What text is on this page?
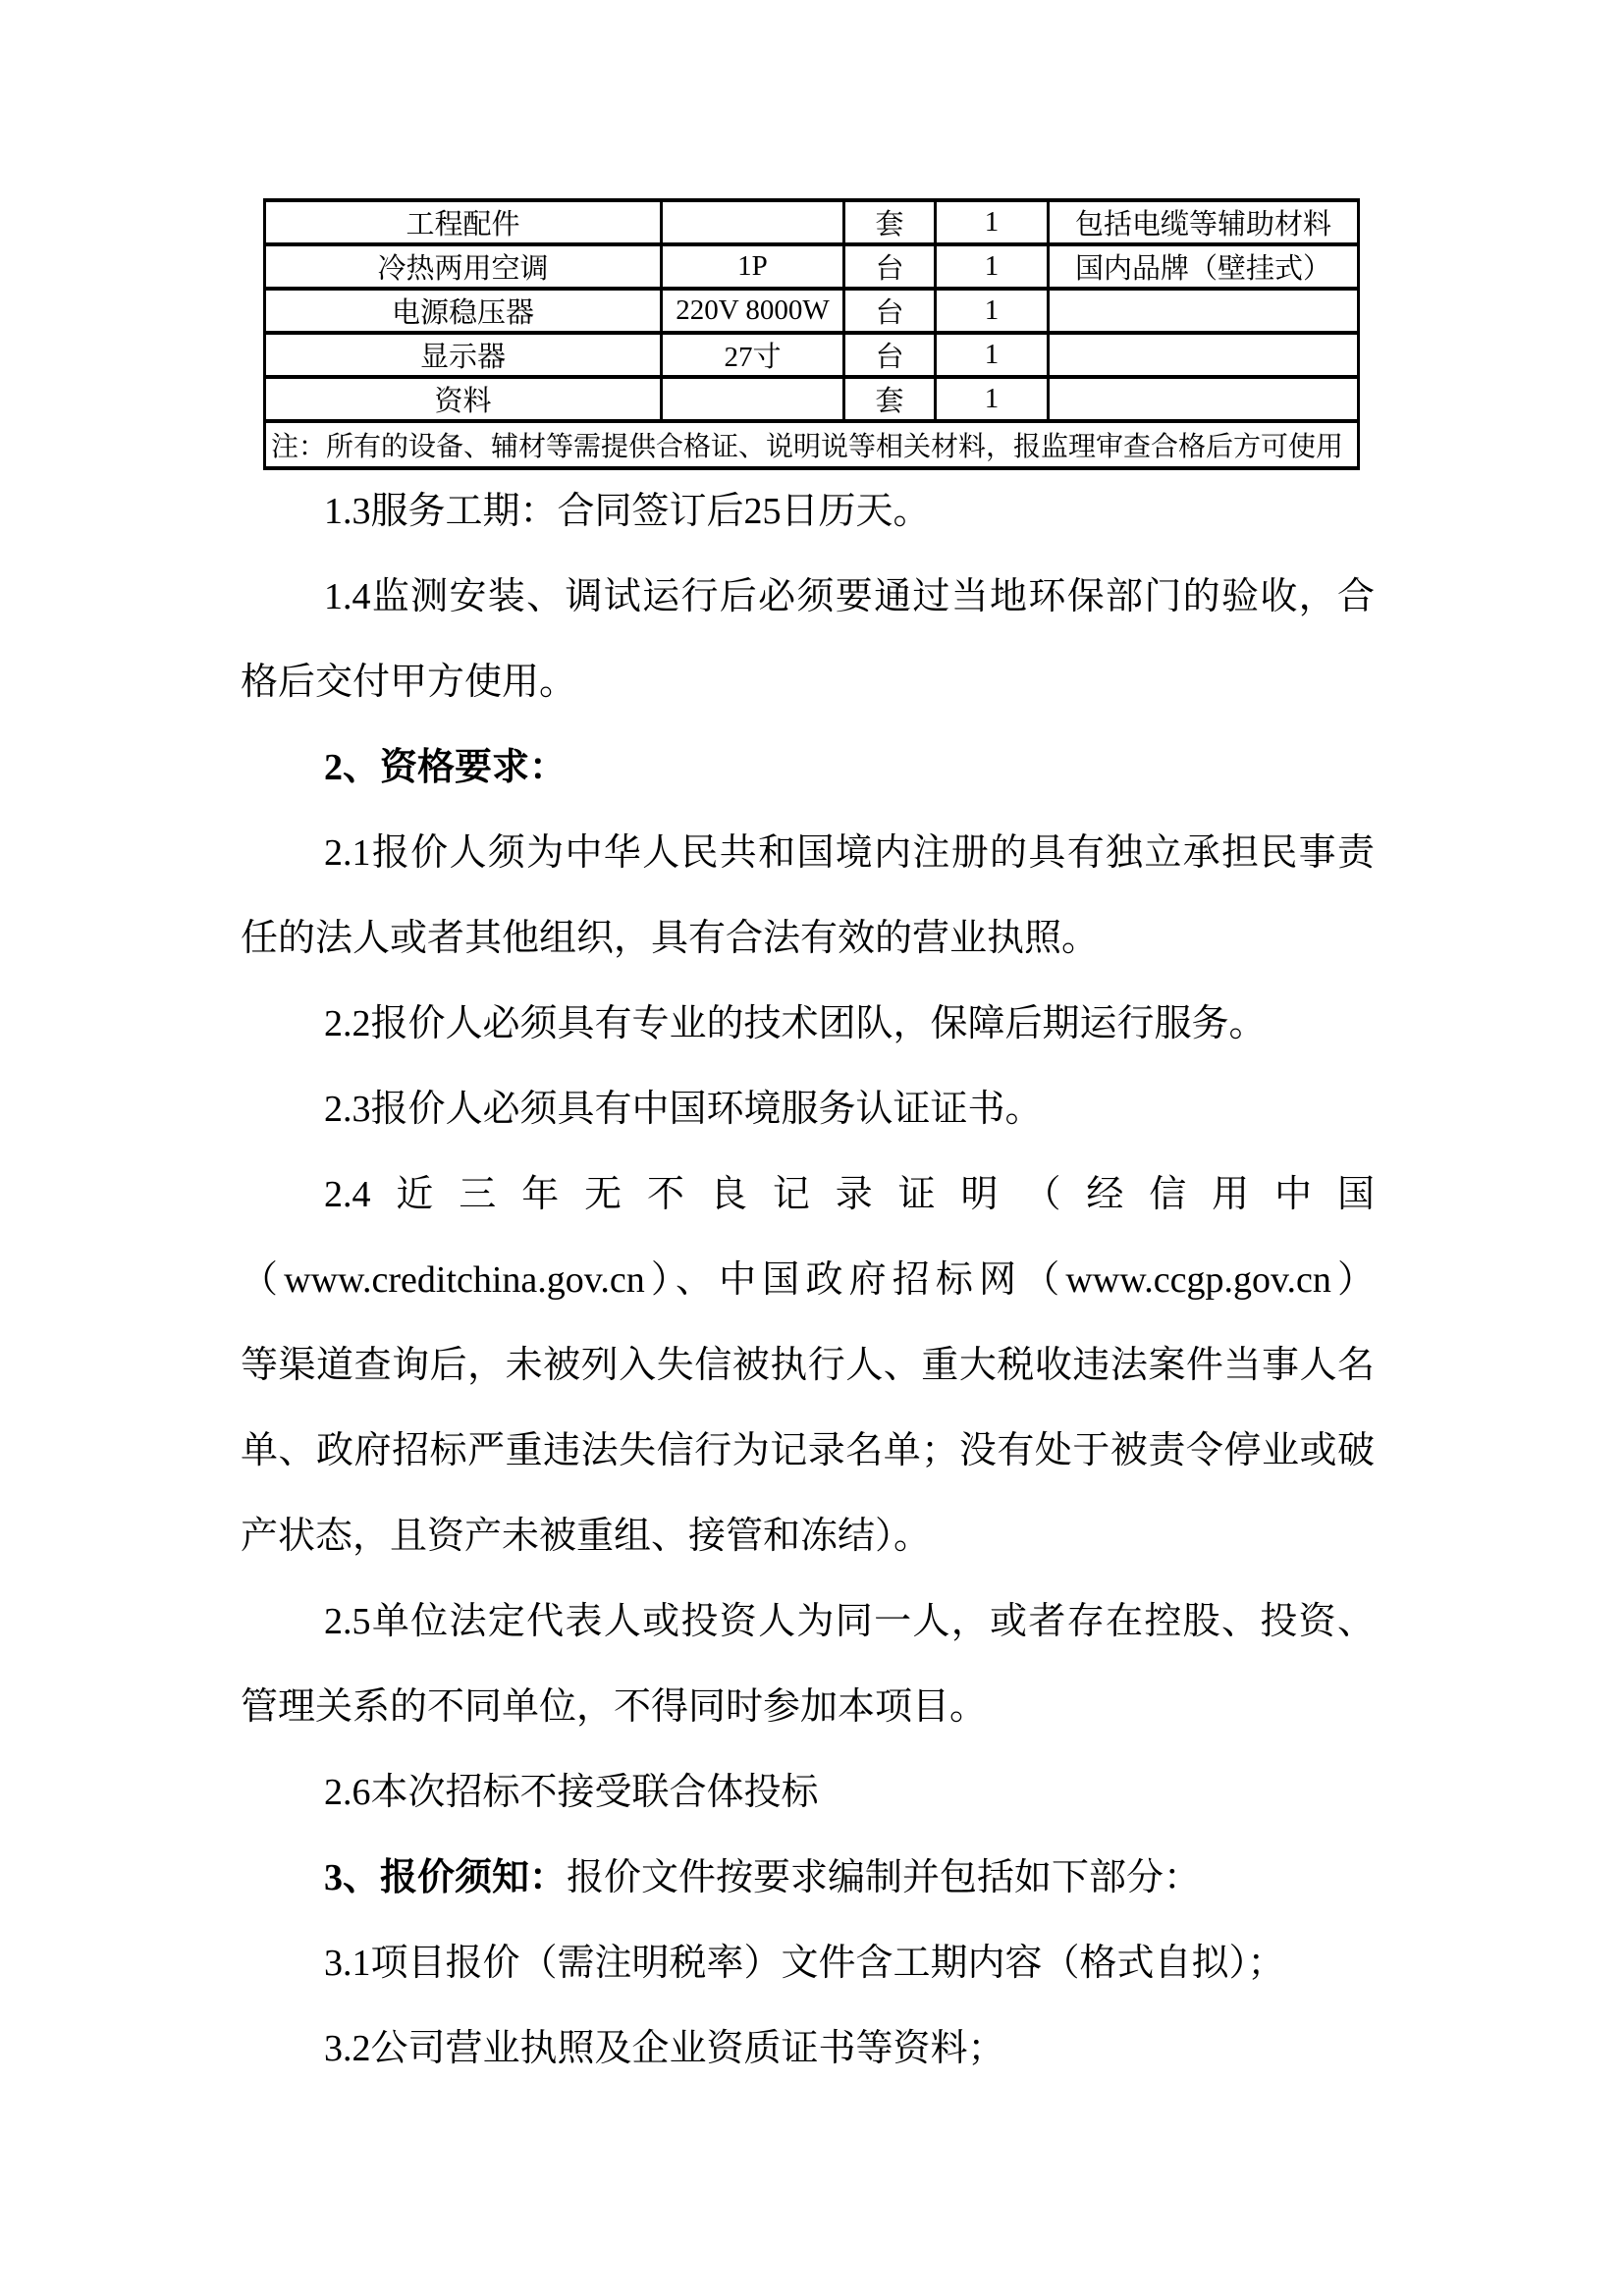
工程配件		套	1	包括电缆等辅助材料
冷热两用空调	1P	台	1	国内品牌（壁挂式）
电源稳压器	220V 8000W	台	1	
显示器	27寸	台	1	
资料		套	1	
注：所有的设备、辅材等需提供合格证、说明说等相关材料，报监理审查合格后方可使用				
1.3服务工期：合同签订后25日历天。
1.4监测安装、调试运行后必须要通过当地环保部门的验收，合
格后交付甲方使用。
2、资格要求：
2.1报价人须为中华人民共和国境内注册的具有独立承担民事责
任的法人或者其他组织，具有合法有效的营业执照。
2.2报价人必须具有专业的技术团队，保障后期运行服务。
2.3报价人必须具有中国环境服务认证证书。
2.4近三年无不良记录证明（经信用中国
（www.creditchina.gov.cn）、中国政府招标网（www.ccgp.gov.cn）
等渠道查询后，未被列入失信被执行人、重大税收违法案件当事人名
单、政府招标严重违法失信行为记录名单；没有处于被责令停业或破
产状态，且资产未被重组、接管和冻结）。
2.5单位法定代表人或投资人为同一人，或者存在控股、投资、
管理关系的不同单位，不得同时参加本项目。
2.6本次招标不接受联合体投标
3、报价须知：报价文件按要求编制并包括如下部分：
3.1项目报价（需注明税率）文件含工期内容（格式自拟）；
3.2公司营业执照及企业资质证书等资料；
